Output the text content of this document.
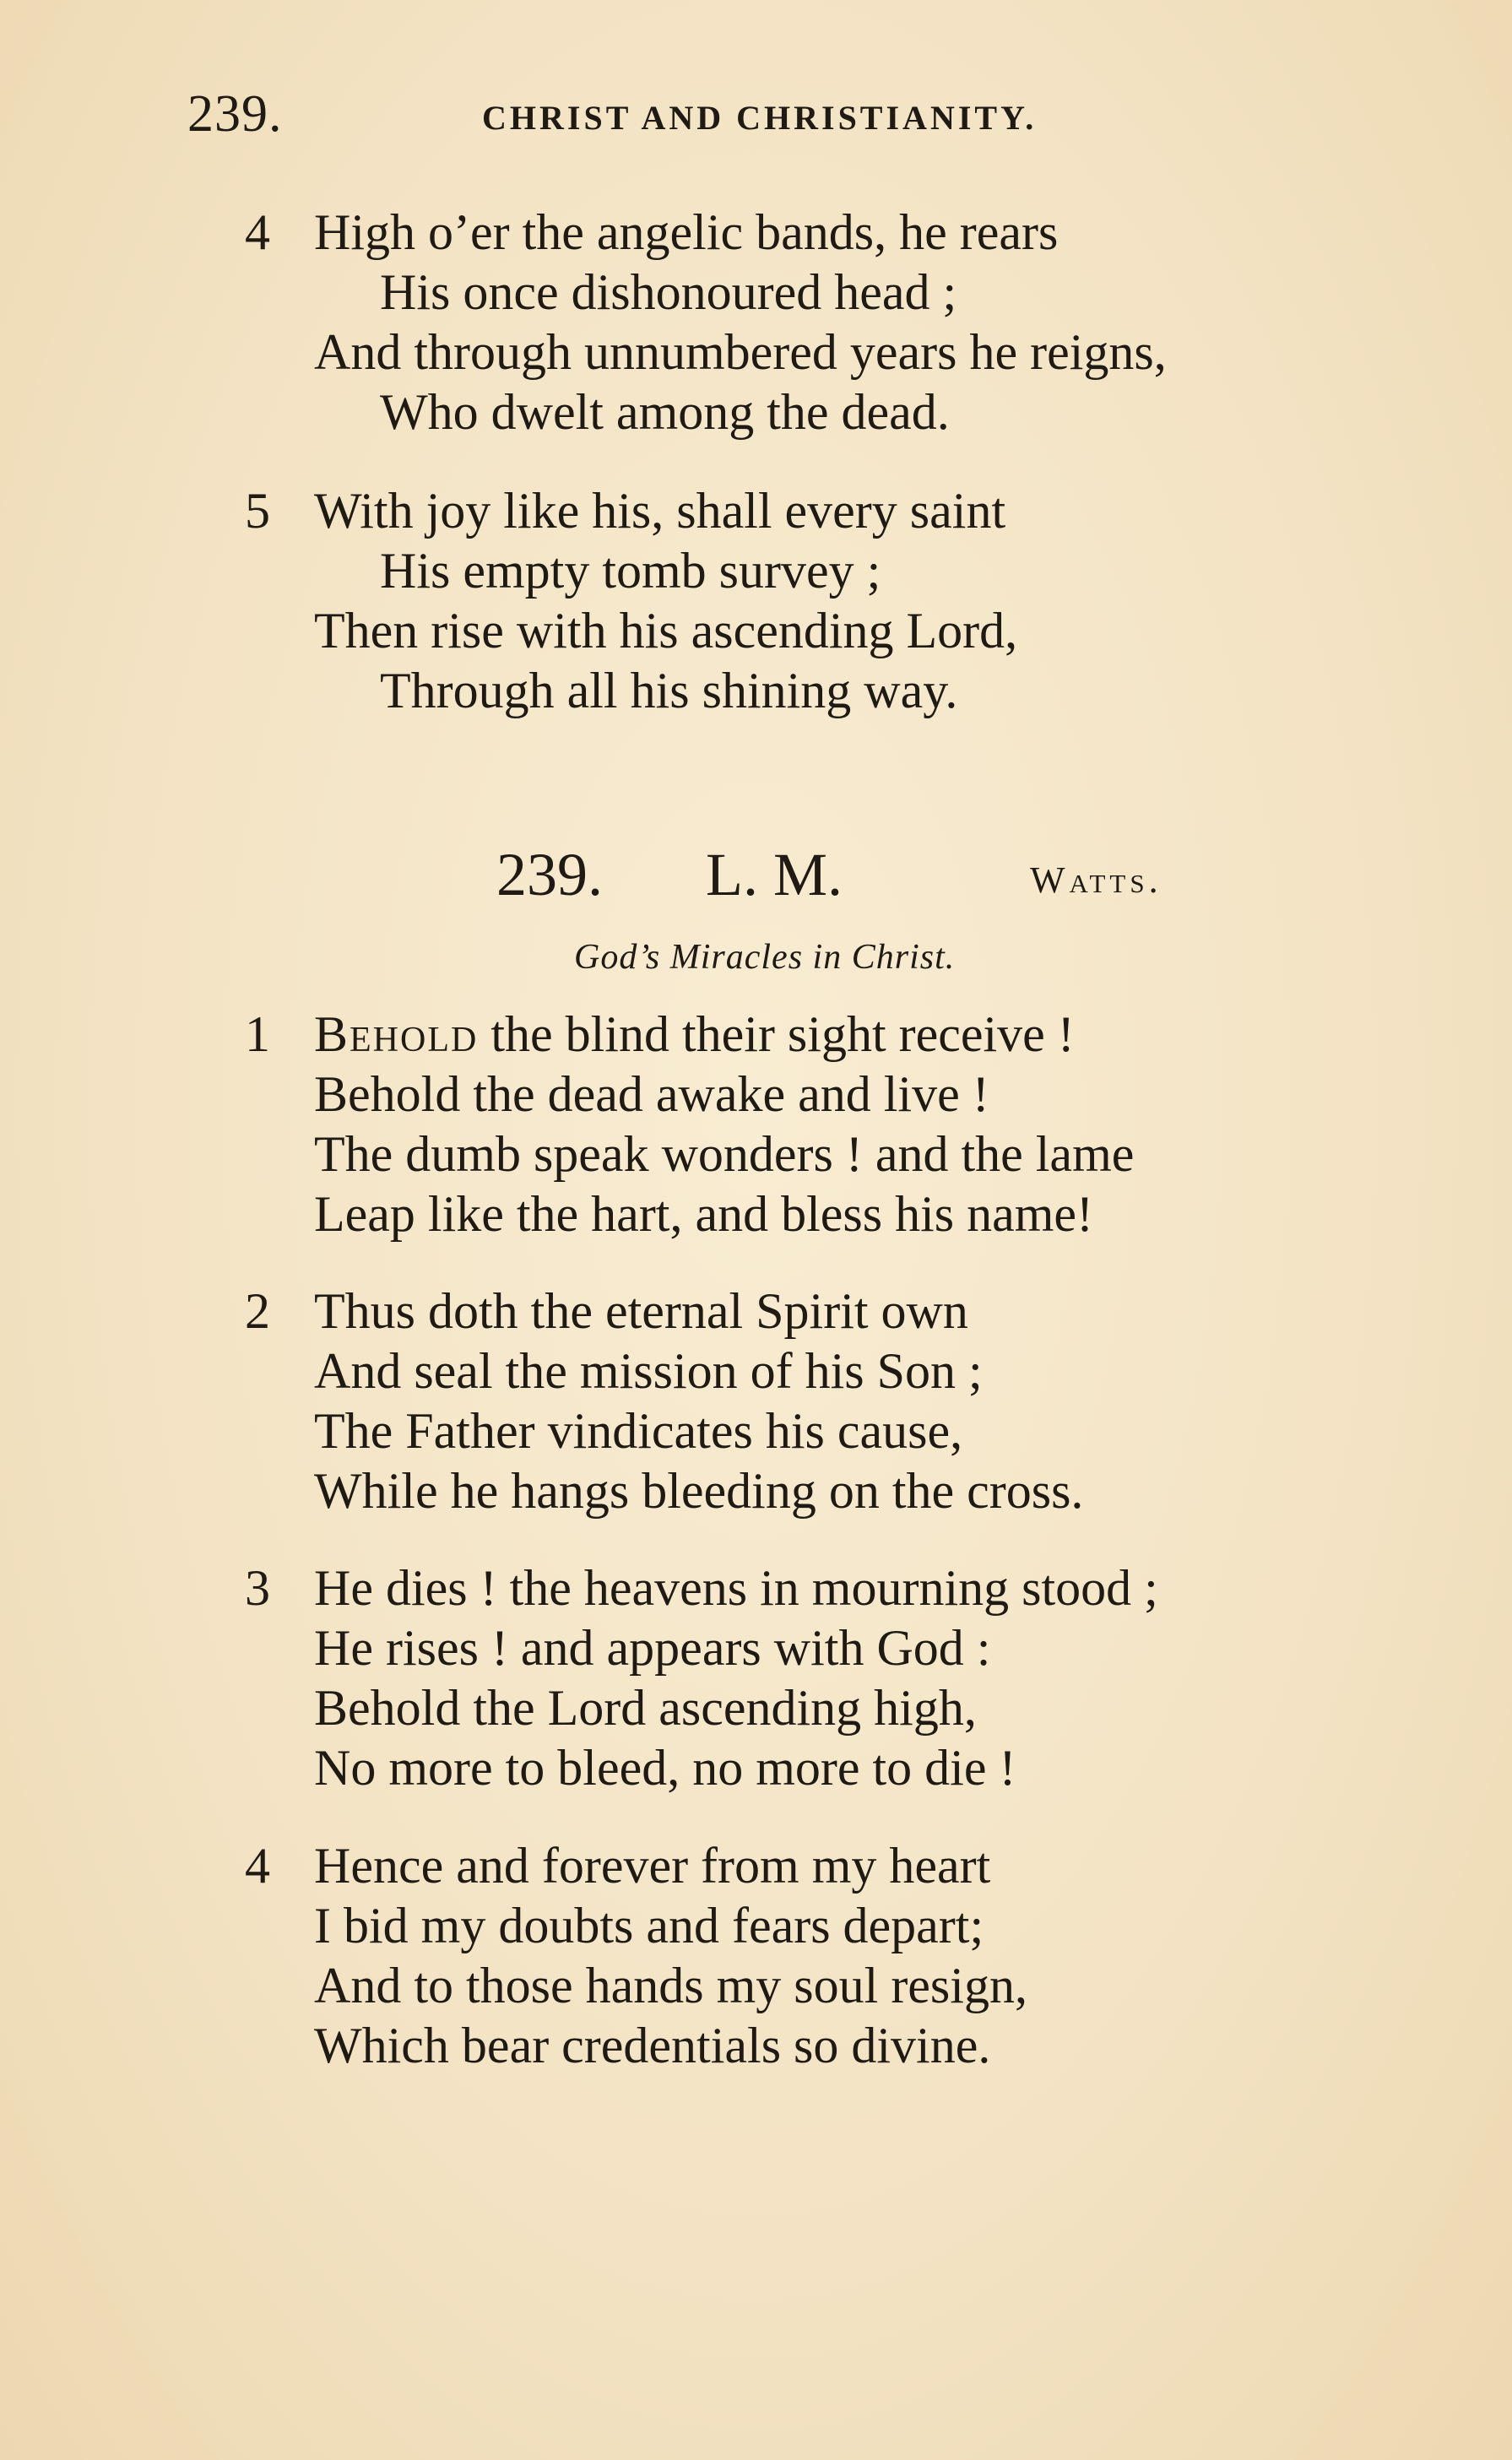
239.	CHRIST AND CHRISTIANITY.
4 High o’er the angelic bands, he rears
His once dishonoured head ;
And through unnumbered years he reigns,
Who dwelt among the dead.
5 With joy like his, shall every saint
His empty tomb survey ;
Then rise with his ascending Lord,
Through all his shining way.
239. L. M.	Watts.
God’s Miracles in Christ.
1 Behold the blind their sight receive !
Behold the dead awake and live !
The dumb speak wonders ! and the lame
Leap like the hart, and bless his name!
2 Thus doth the eternal Spirit own
And seal the mission of his Son ;
The Father vindicates his cause,
While he hangs bleeding on the cross.
3 He dies ! the heavens in mourning stood ;
He rises ! and appears with God :
Behold the Lord ascending high,
No more to bleed, no more to die !
4 Hence and forever from my heart
I bid my doubts and fears depart;
And to those hands my soul resign,
Which bear credentials so divine.
